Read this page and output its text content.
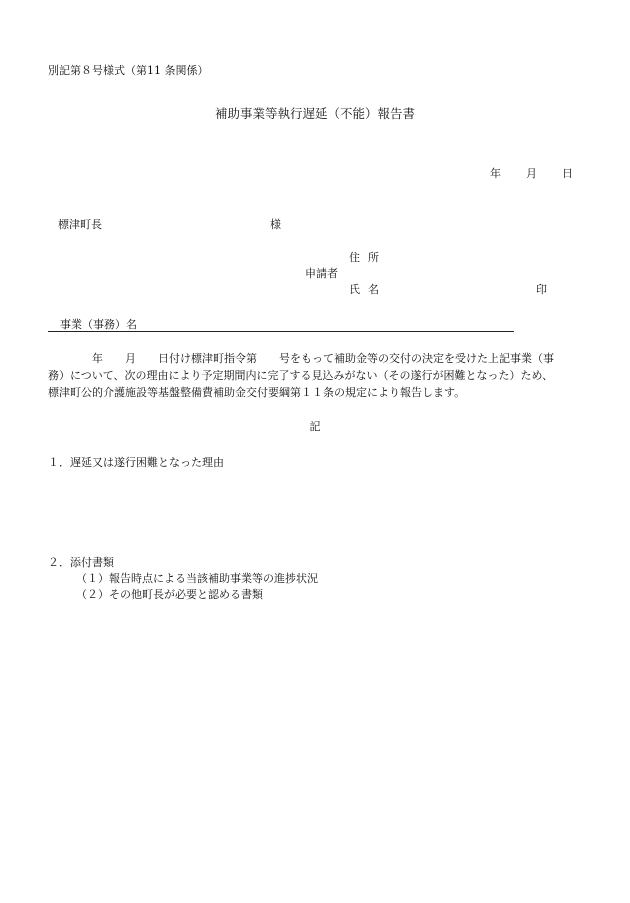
別記第８号様式（第11 条関係）
補助事業等執行遅延（不能）報告書
年 月 日
標津町長	様
住所
申請者
氏名	印
事業（事務）名
年 月 日付け標津町指令第 号をもって補助金等の交付の決定を受けた上記事業（事
務）について、次の理由により予定期間内に完了する見込みがない（その遂行が困難となった）ため、
標津町公的介護施設等基盤整備費補助金交付要綱第１１条の規定により報告します。
記
１．遅延又は遂行困難となった理由
２．添付書類
（１）報告時点による当該補助事業等の進捗状況
（２）その他町長が必要と認める書類
